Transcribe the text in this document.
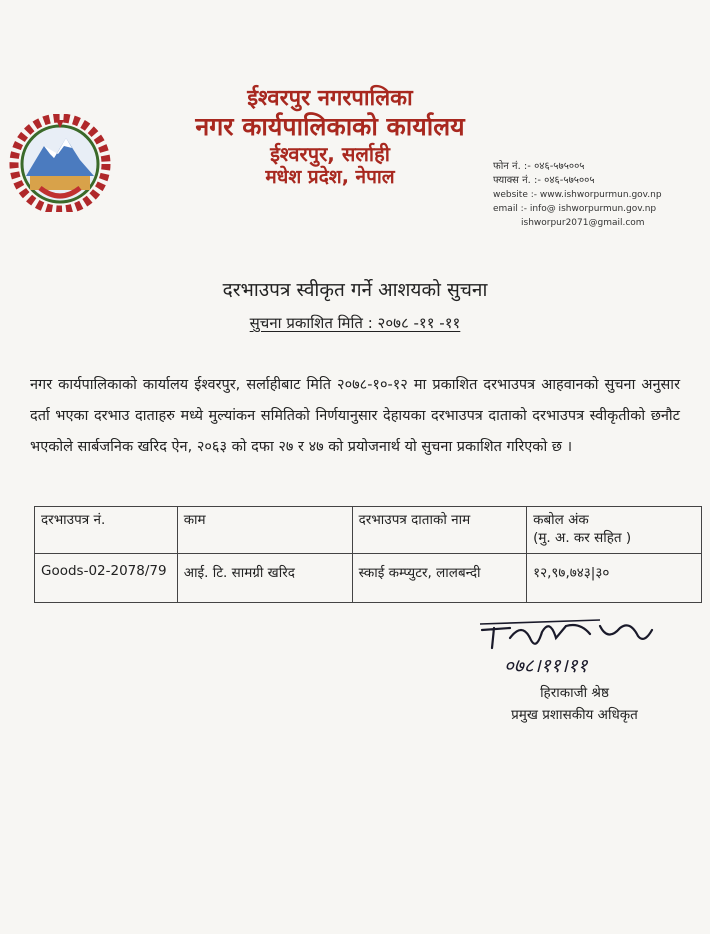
ईश्वरपुर नगरपालिका
नगर कार्यपालिकाको कार्यालय
ईश्वरपुर, सर्लाही
मधेश प्रदेश, नेपाल	फोन नं. :- ०४६-५७५००५
फ्याक्स नं. :- ०४६-५७५००५
website :- www.ishworpurmun.gov.np
email :- info@ ishworpurmun.gov.np
ishworpur2071@gmail.com
दरभाउपत्र स्वीकृत गर्ने आशयको सुचना
सुचना प्रकाशित मिति : २०७८ -११ -११
नगर कार्यपालिकाको कार्यालय ईश्वरपुर, सर्लाहीबाट मिति २०७८-१०-१२ मा प्रकाशित दरभाउपत्र आहवानको सुचना अनुसार दर्ता भएका दरभाउ दाताहरु मध्ये मुल्यांकन समितिको निर्णयानुसार देहायका दरभाउपत्र दाताको दरभाउपत्र स्वीकृतीको छनौट भएकोले सार्बजनिक खरिद ऐन, २०६३ को दफा २७ र ४७ को प्रयोजनार्थ यो सुचना प्रकाशित गरिएको छ ।
दरभाउपत्र नं.	काम	दरभाउपत्र दाताको नाम	कबोल अंक
(मु. अ. कर सहित )

Goods-02-2078/79	आई. टि. सामग्री खरिद	स्काई कम्प्युटर, लालबन्दी	१२,९७,७४३|३०
०७८।११।११
हिराकाजी श्रेष्ठ
प्रमुख प्रशासकीय अधिकृत
